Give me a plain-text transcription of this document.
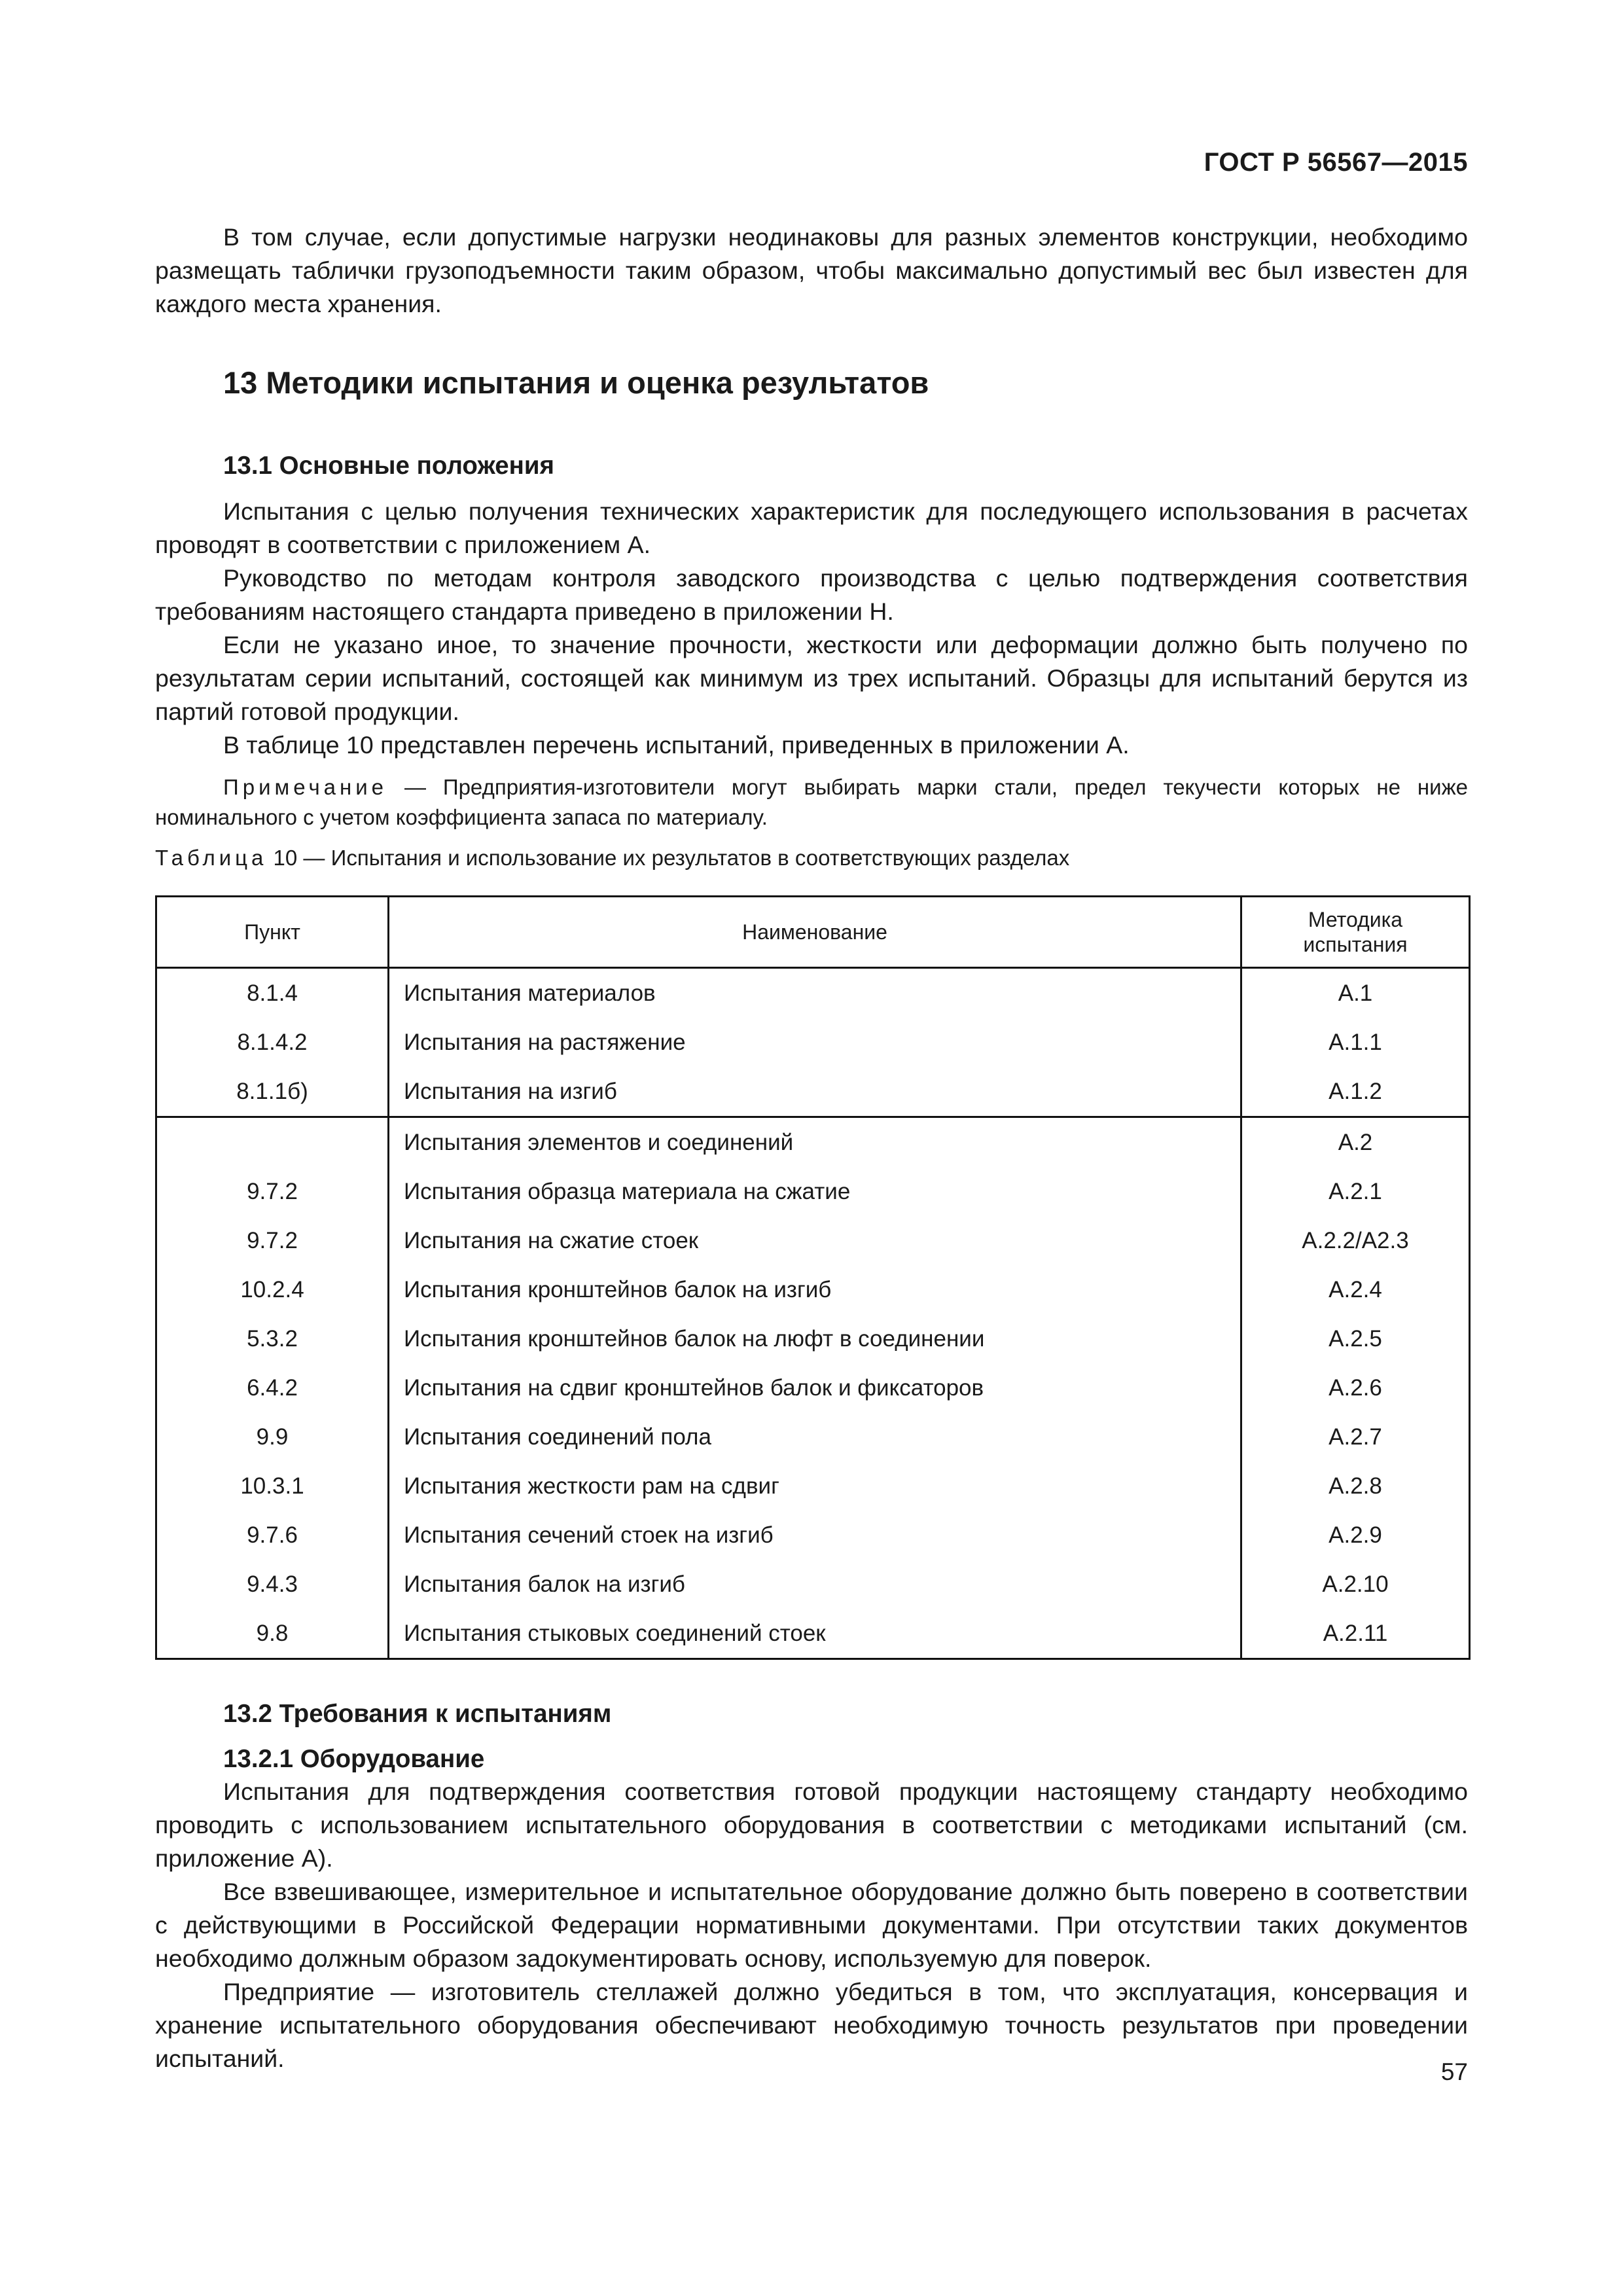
ГОСТ Р 56567—2015

В том случае, если допустимые нагрузки неодинаковы для разных элементов конструкции, необходимо размещать таблички грузоподъемности таким образом, чтобы максимально допустимый вес был известен для каждого места хранения.

13 Методики испытания и оценка результатов
13.1 Основные положения

Испытания с целью получения технических характеристик для последующего использования в расчетах проводят в соответствии с приложением А.

Руководство по методам контроля заводского производства с целью подтверждения соответствия требованиям настоящего стандарта приведено в приложении Н.

Если не указано иное, то значение прочности, жесткости или деформации должно быть получено по результатам серии испытаний, состоящей как минимум из трех испытаний. Образцы для испытаний берутся из партий готовой продукции.

В таблице 10 представлен перечень испытаний, приведенных в приложении А.

Примечание — Предприятия-изготовители могут выбирать марки стали, предел текучести которых не ниже номинального с учетом коэффициента запаса по материалу.

Таблица 10 — Испытания и использование их результатов в соответствующих разделах
Пункт	Наименование	Методика
испытания
8.1.4	Испытания материалов	А.1
8.1.4.2	Испытания на растяжение	А.1.1
8.1.1б)	Испытания на изгиб	А.1.2
	Испытания элементов и соединений	А.2
9.7.2	Испытания образца материала на сжатие	А.2.1
9.7.2	Испытания на сжатие стоек	А.2.2/А2.3
10.2.4	Испытания кронштейнов балок на изгиб	А.2.4
5.3.2	Испытания кронштейнов балок на люфт в соединении	А.2.5
6.4.2	Испытания на сдвиг кронштейнов балок и фиксаторов	А.2.6
9.9	Испытания соединений пола	А.2.7
10.3.1	Испытания жесткости рам на сдвиг	А.2.8
9.7.6	Испытания сечений стоек на изгиб	А.2.9
9.4.3	Испытания балок на изгиб	А.2.10
9.8	Испытания стыковых соединений стоек	А.2.11
13.2 Требования к испытаниям
13.2.1 Оборудование

Испытания для подтверждения соответствия готовой продукции настоящему стандарту необходимо проводить с использованием испытательного оборудования в соответствии с методиками испытаний (см. приложение А).

Все взвешивающее, измерительное и испытательное оборудование должно быть поверено в соответствии с действующими в Российской Федерации нормативными документами. При отсутствии таких документов необходимо должным образом задокументировать основу, используемую для поверок.

Предприятие — изготовитель стеллажей должно убедиться в том, что эксплуатация, консервация и хранение испытательного оборудования обеспечивают необходимую точность результатов при проведении испытаний.	57
